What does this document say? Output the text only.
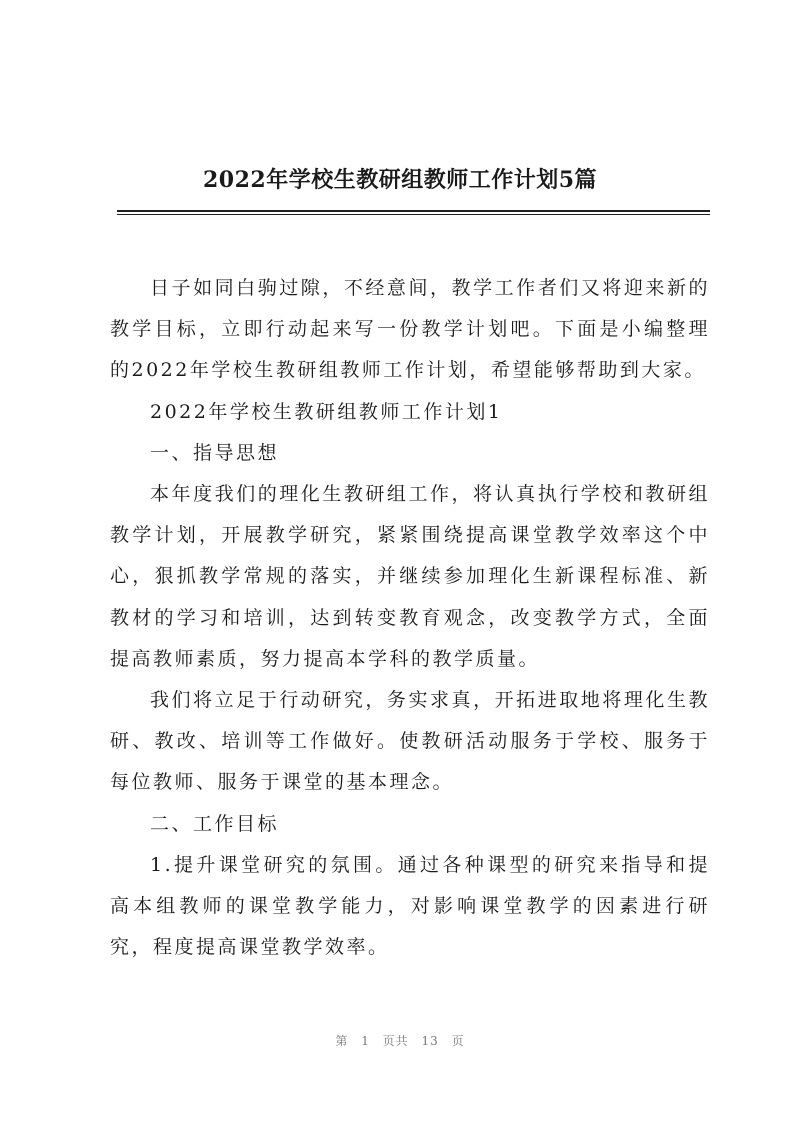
2022年学校生教研组教师工作计划5篇

日子如同白驹过隙，不经意间，教学工作者们又将迎来新的教学目标，立即行动起来写一份教学计划吧。下面是小编整理的2022年学校生教研组教师工作计划，希望能够帮助到大家。

2022年学校生教研组教师工作计划1

一、指导思想

本年度我们的理化生教研组工作，将认真执行学校和教研组教学计划，开展教学研究，紧紧围绕提高课堂教学效率这个中心，狠抓教学常规的落实，并继续参加理化生新课程标准、新教材的学习和培训，达到转变教育观念，改变教学方式，全面提高教师素质，努力提高本学科的教学质量。

我们将立足于行动研究，务实求真，开拓进取地将理化生教研、教改、培训等工作做好。使教研活动服务于学校、服务于每位教师、服务于课堂的基本理念。

二、工作目标

1.提升课堂研究的氛围。通过各种课型的研究来指导和提高本组教师的课堂教学能力，对影响课堂教学的因素进行研究，程度提高课堂教学效率。

第 1 页共 13 页
